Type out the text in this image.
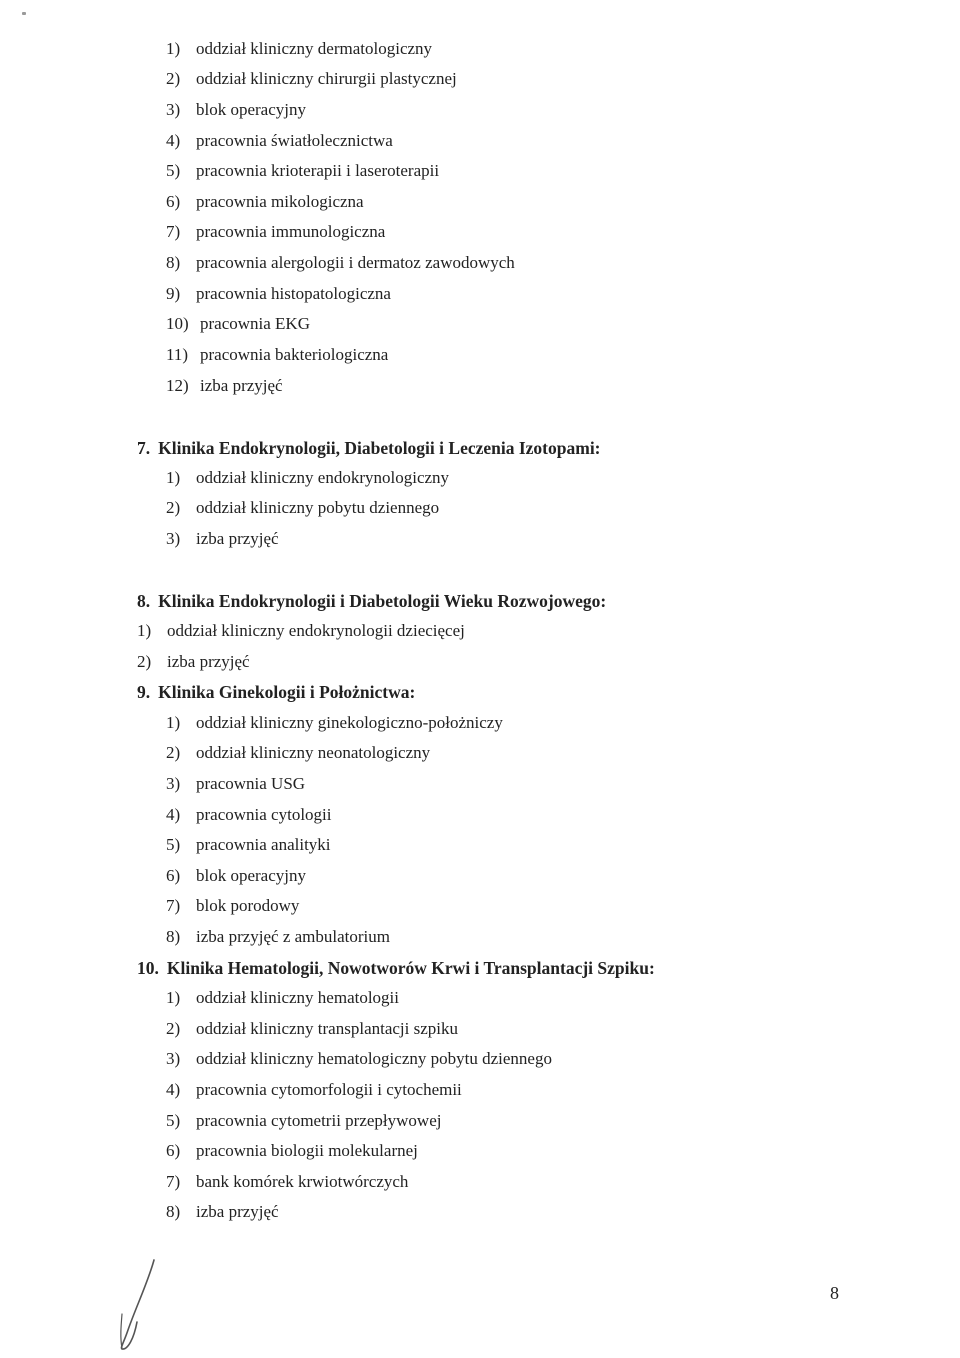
1) oddział kliniczny dermatologiczny
2) oddział kliniczny chirurgii plastycznej
3) blok operacyjny
4) pracownia światłolecznictwa
5) pracownia krioterapii i laseroterapii
6) pracownia mikologiczna
7) pracownia immunologiczna
8) pracownia alergologii i dermatoz zawodowych
9) pracownia histopatologiczna
10) pracownia EKG
11) pracownia bakteriologiczna
12) izba przyjęć
7. Klinika Endokrynologii, Diabetologii i Leczenia Izotopami:
1) oddział kliniczny endokrynologiczny
2) oddział kliniczny pobytu dziennego
3) izba przyjęć
8. Klinika Endokrynologii i Diabetologii Wieku Rozwojowego:
1) oddział kliniczny endokrynologii dziecięcej
2) izba przyjęć
9. Klinika Ginekologii i Położnictwa:
1) oddział kliniczny ginekologiczno-położniczy
2) oddział kliniczny neonatologiczny
3) pracownia USG
4) pracownia cytologii
5) pracownia analityki
6) blok operacyjny
7) blok porodowy
8) izba przyjęć z ambulatorium
10. Klinika Hematologii, Nowotworów Krwi i Transplantacji Szpiku:
1) oddział kliniczny hematologii
2) oddział kliniczny transplantacji szpiku
3) oddział kliniczny hematologiczny pobytu dziennego
4) pracownia cytomorfologii i cytochemii
5) pracownia cytometrii przepływowej
6) pracownia biologii molekularnej
7) bank komórek krwiotwórczych
8) izba przyjęć
8
